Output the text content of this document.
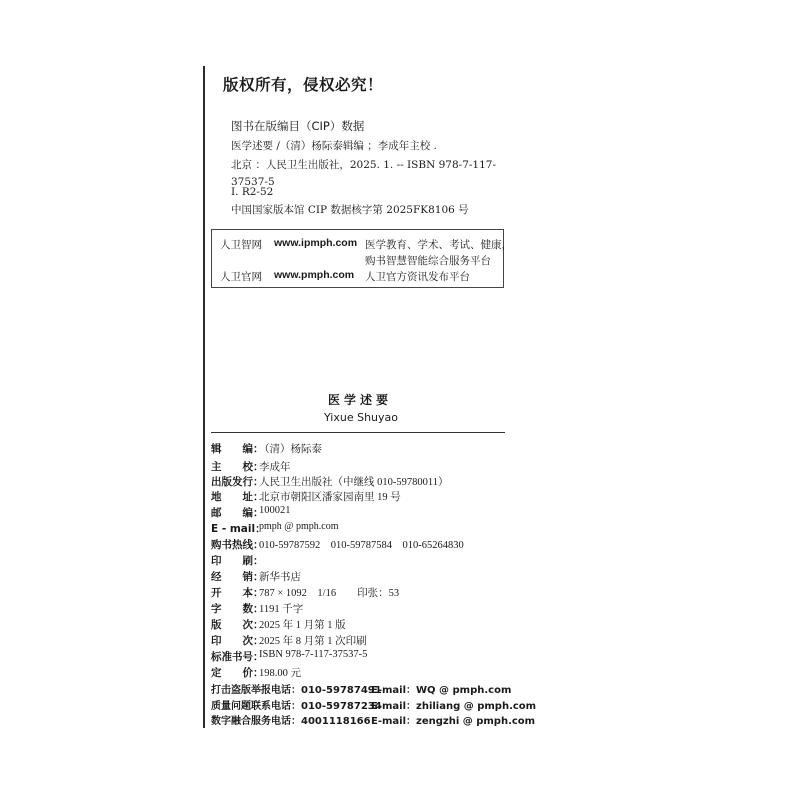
版权所有，侵权必究！
图书在版编目（CIP）数据
医学述要 /（清）杨际泰辑编 ；李成年主校 .
北京 ：人民卫生出版社，2025. 1. -- ISBN 978-7-117-
37537-5
Ⅰ. R2-52
中国国家版本馆 CIP 数据核字第 2025FK8106 号
人卫智网 www.ipmph.com 医学教育、学术、考试、健康，
购书智慧智能综合服务平台
人卫官网 www.pmph.com 人卫官方资讯发布平台
医学述要
Yixue Shuyao
辑　　编：
（清）杨际泰
主　　校：
李成年
出版发行：
人民卫生出版社（中继线 010-59780011）
地　　址：
北京市朝阳区潘家园南里 19 号
邮　　编：
100021
E - mail：
pmph @ pmph.com
购书热线：
010-59787592　010-59787584　010-65264830
印　　刷：
经　　销：
新华书店
开　　本：
787 × 1092　1/16　　印张：53
字　　数：
1191 千字
版　　次：
2025 年 1 月第 1 版
印　　次：
2025 年 8 月第 1 次印刷
标准书号：
ISBN 978-7-117-37537-5
定　　价：
198.00 元
打击盗版举报电话：010-59787491
E-mail：WQ @ pmph.com
质量问题联系电话：010-59787234
E-mail：zhiliang @ pmph.com
数字融合服务电话：4001118166 E-mail：zengzhi @ pmph.com
